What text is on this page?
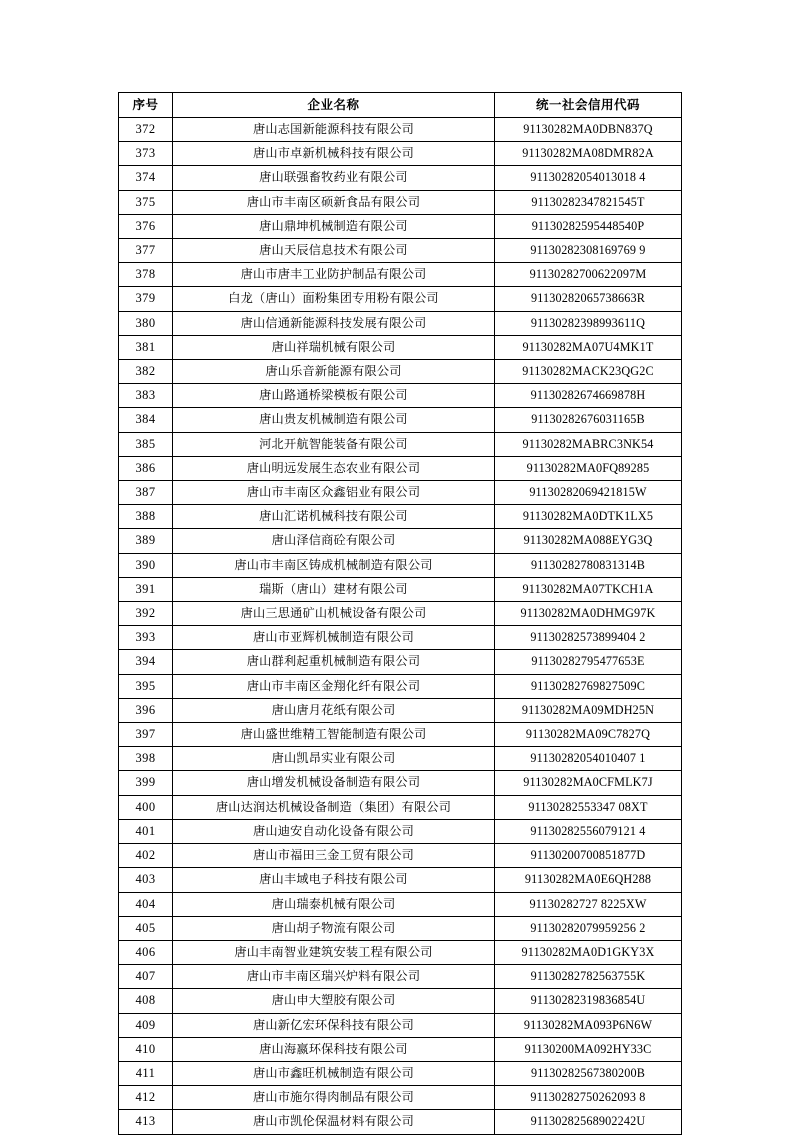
序号	企业名称	统一社会信用代码
372	唐山志国新能源科技有限公司	91130282MA0DBN837Q
373	唐山市卓新机械科技有限公司	91130282MA08DMR82A
374	唐山联强畜牧药业有限公司	91130282054013018 4
375	唐山市丰南区硕新食品有限公司	91130282347821545T
376	唐山鼎坤机械制造有限公司	91130282595448540P
377	唐山天辰信息技术有限公司	91130282308169769 9
378	唐山市唐丰工业防护制品有限公司	91130282700622097M
379	白龙（唐山）面粉集团专用粉有限公司	91130282065738663R
380	唐山信通新能源科技发展有限公司	91130282398993611Q
381	唐山祥瑞机械有限公司	91130282MA07U4MK1T
382	唐山乐音新能源有限公司	91130282MACK23QG2C
383	唐山路通桥梁模板有限公司	91130282674669878H
384	唐山贵友机械制造有限公司	91130282676031165B
385	河北开航智能装备有限公司	91130282MABRC3NK54
386	唐山明远发展生态农业有限公司	91130282MA0FQ89285
387	唐山市丰南区众鑫铝业有限公司	91130282069421815W
388	唐山汇诺机械科技有限公司	91130282MA0DTK1LX5
389	唐山泽信商砼有限公司	91130282MA088EYG3Q
390	唐山市丰南区铸成机械制造有限公司	91130282780831314B
391	瑞斯（唐山）建材有限公司	91130282MA07TKCH1A
392	唐山三思通矿山机械设备有限公司	91130282MA0DHMG97K
393	唐山市亚辉机械制造有限公司	91130282573899404 2
394	唐山群利起重机械制造有限公司	91130282795477653E
395	唐山市丰南区金翔化纤有限公司	91130282769827509C
396	唐山唐月花纸有限公司	91130282MA09MDH25N
397	唐山盛世维精工智能制造有限公司	91130282MA09C7827Q
398	唐山凯昂实业有限公司	91130282054010407 1
399	唐山增发机械设备制造有限公司	91130282MA0CFMLK7J
400	唐山达润达机械设备制造（集团）有限公司	91130282553347 08XT
401	唐山迪安自动化设备有限公司	91130282556079121 4
402	唐山市福田三金工贸有限公司	91130200700851877D
403	唐山丰域电子科技有限公司	91130282MA0E6QH288
404	唐山瑞泰机械有限公司	91130282727 8225XW
405	唐山胡子物流有限公司	91130282079959256 2
406	唐山丰南智业建筑安装工程有限公司	91130282MA0D1GKY3X
407	唐山市丰南区瑞兴炉料有限公司	91130282782563755K
408	唐山申大塑胶有限公司	91130282319836854U
409	唐山新亿宏环保科技有限公司	91130282MA093P6N6W
410	唐山海嬴环保科技有限公司	91130200MA092HY33C
411	唐山市鑫旺机械制造有限公司	91130282567380200B
412	唐山市施尔得肉制品有限公司	91130282750262093 8
413	唐山市凯伦保温材料有限公司	91130282568902242U
